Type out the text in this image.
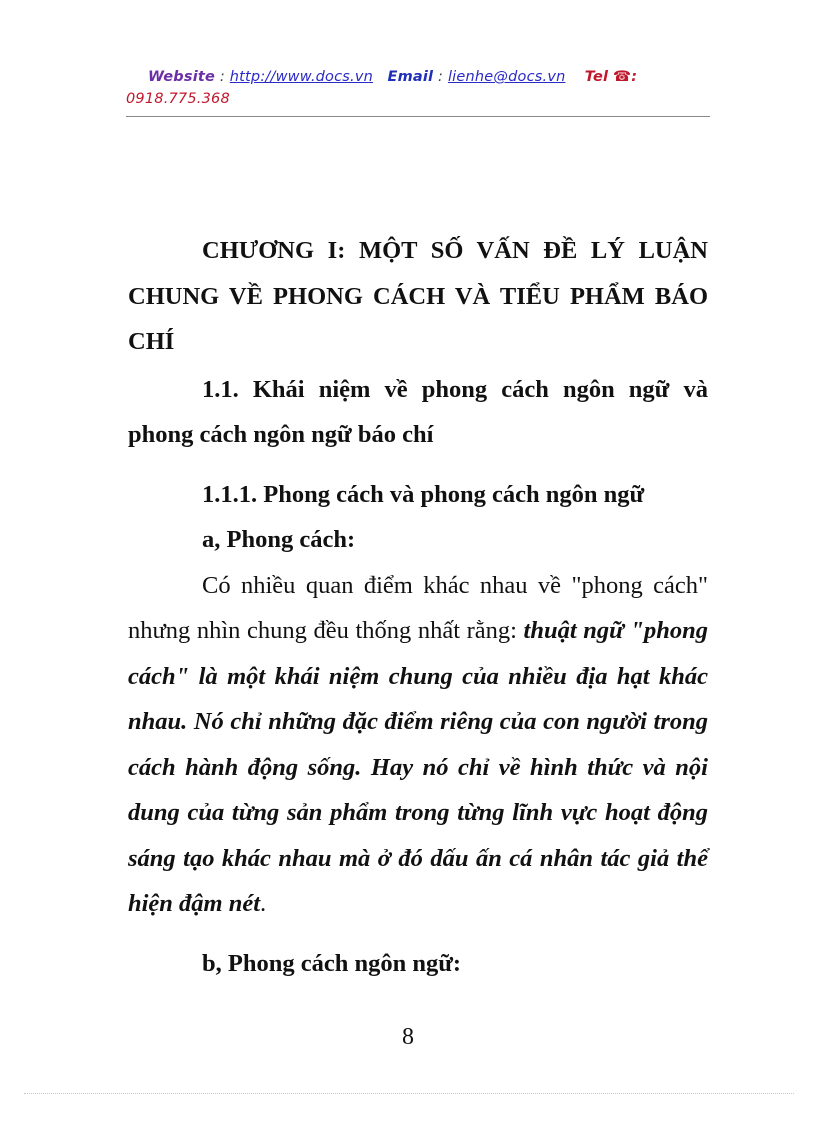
Website : http://www.docs.vn Email : lienhe@docs.vn Tel ☎:
0918.775.368

CHƯƠNG I: MỘT SỐ VẤN ĐỀ LÝ LUẬN CHUNG VỀ PHONG CÁCH VÀ TIỂU PHẨM BÁO CHÍ

1.1. Khái niệm về phong cách ngôn ngữ và phong cách ngôn ngữ báo chí

1.1.1. Phong cách và phong cách ngôn ngữ

a, Phong cách:

Có nhiều quan điểm khác nhau về "phong cách" nhưng nhìn chung đều thống nhất rằng: thuật ngữ "phong cách" là một khái niệm chung của nhiều địa hạt khác nhau. Nó chỉ những đặc điểm riêng của con người trong cách hành động sống. Hay nó chỉ về hình thức và nội dung của từng sản phẩm trong từng lĩnh vực hoạt động sáng tạo khác nhau mà ở đó dấu ấn cá nhân tác giả thể hiện đậm nét.

b, Phong cách ngôn ngữ:

8
